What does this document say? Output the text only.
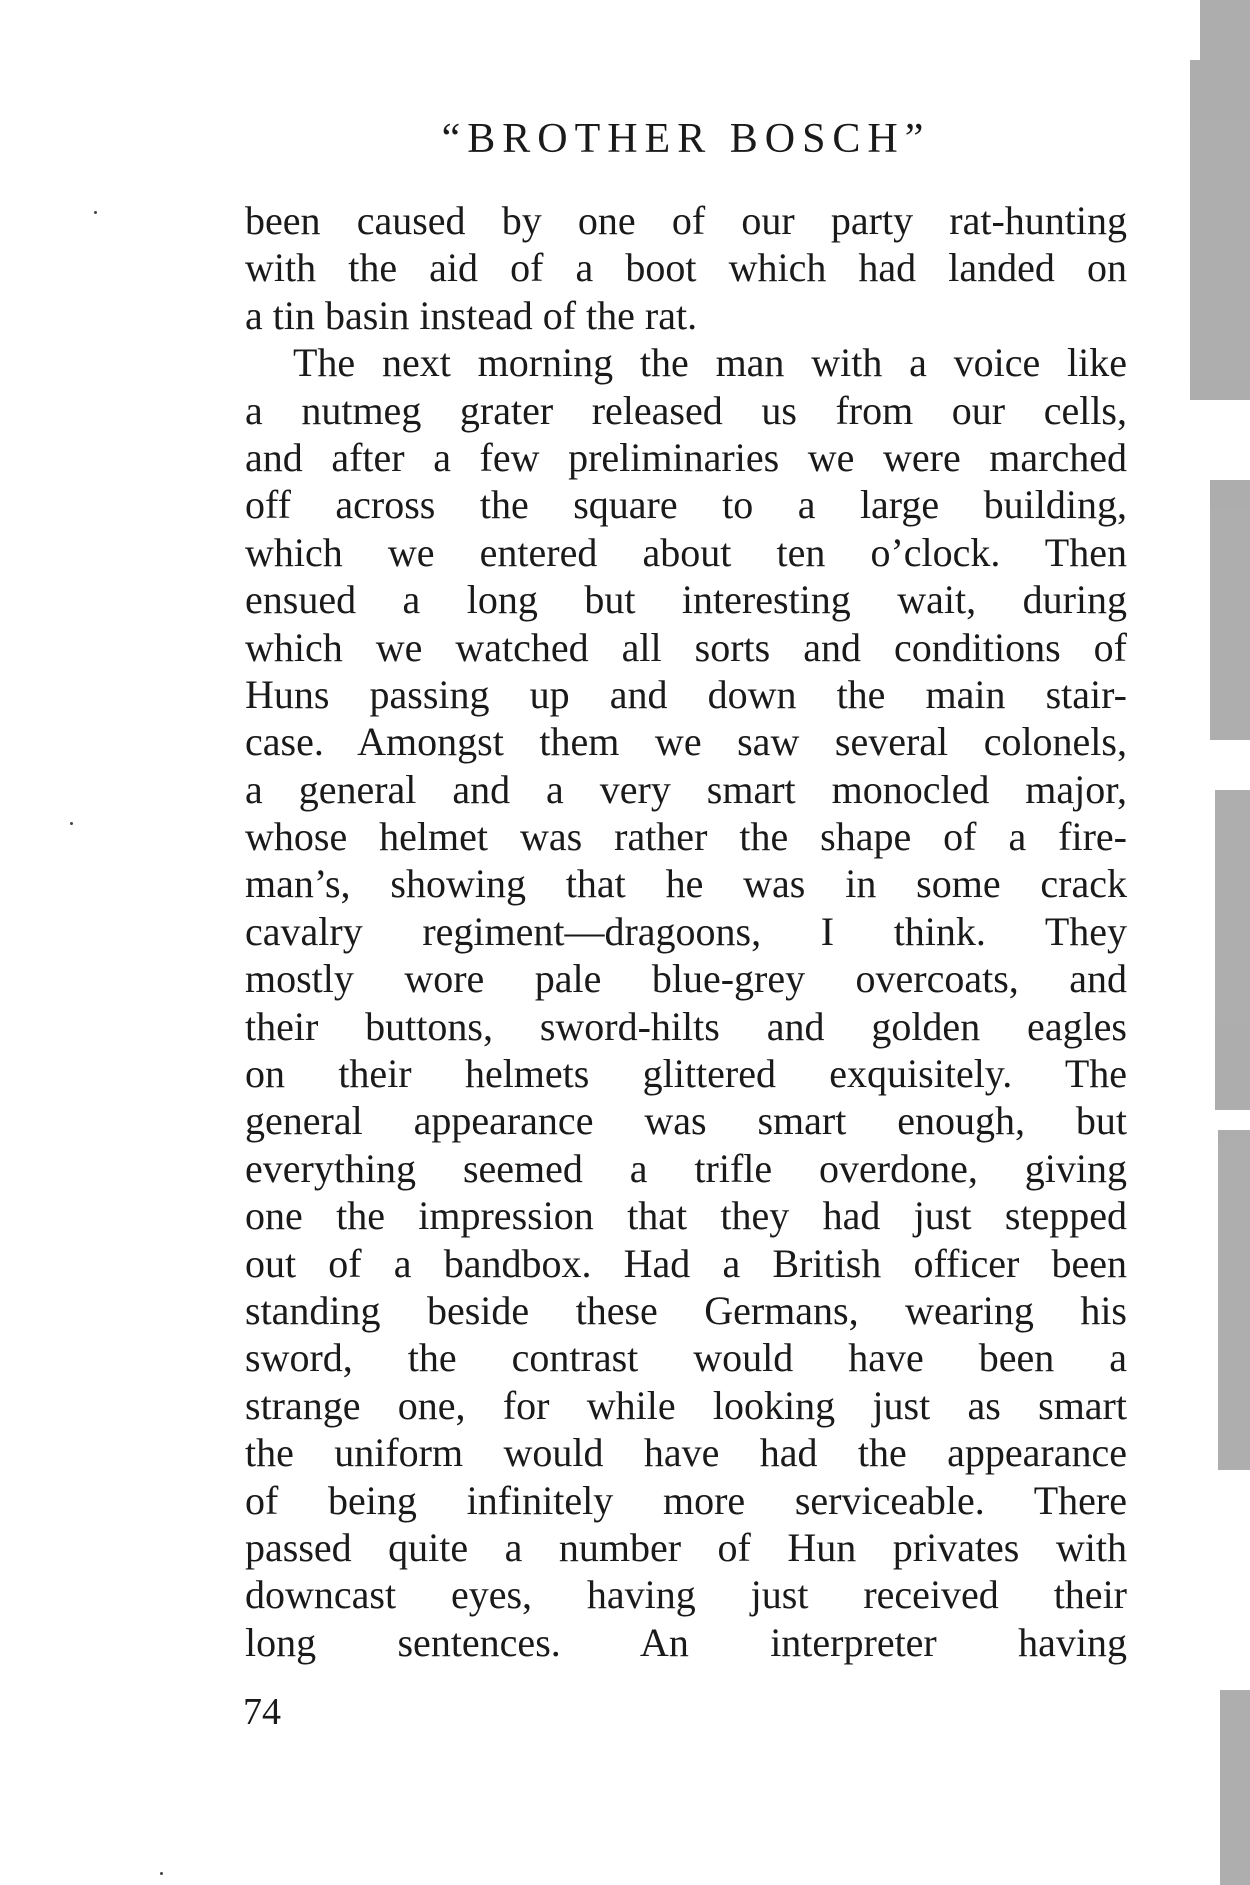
“BROTHER BOSCH”
been caused by one of our party rat-hunting
with the aid of a boot which had landed on
a tin basin instead of the rat.
The next morning the man with a voice like
a nutmeg grater released us from our cells,
and after a few preliminaries we were marched
off across the square to a large building,
which we entered about ten o’clock. Then
ensued a long but interesting wait, during
which we watched all sorts and conditions of
Huns passing up and down the main stair-
case. Amongst them we saw several colonels,
a general and a very smart monocled major,
whose helmet was rather the shape of a fire-
man’s, showing that he was in some crack
cavalry regiment—dragoons, I think. They
mostly wore pale blue-grey overcoats, and
their buttons, sword-hilts and golden eagles
on their helmets glittered exquisitely. The
general appearance was smart enough, but
everything seemed a trifle overdone, giving
one the impression that they had just stepped
out of a bandbox. Had a British officer been
standing beside these Germans, wearing his
sword, the contrast would have been a
strange one, for while looking just as smart
the uniform would have had the appearance
of being infinitely more serviceable. There
passed quite a number of Hun privates with
downcast eyes, having just received their
long sentences. An interpreter having
74
